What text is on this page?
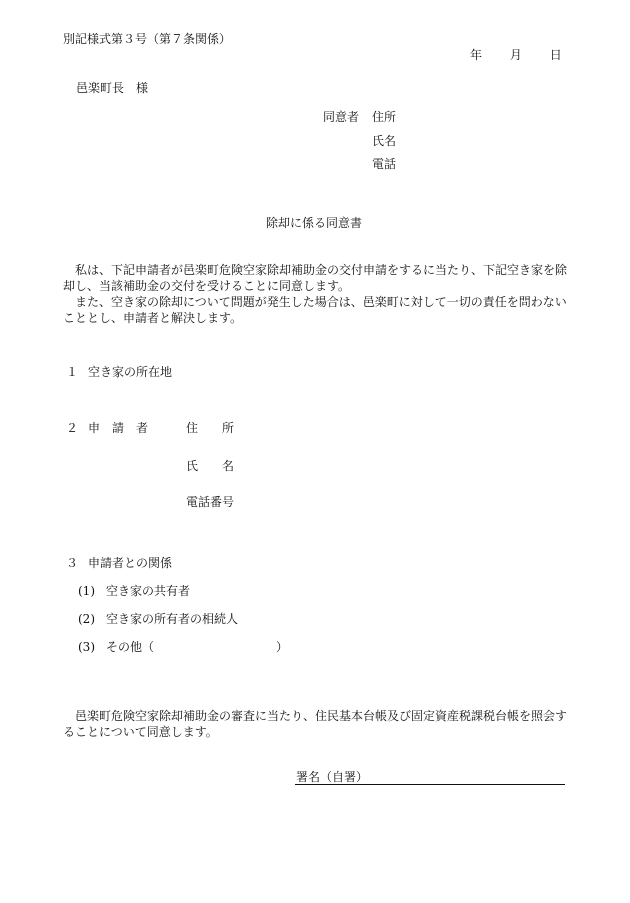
別記様式第３号（第７条関係）
年 月 日
邑楽町長　様
同意者 住所
氏名
電話
除却に係る同意書

私は、下記申請者が邑楽町危険空家除却補助金の交付申請をするに当たり、下記空き家を除却し、当該補助金の交付を受けることに同意します。

また、空き家の除却について問題が発生した場合は、邑楽町に対して一切の責任を問わないこととし、申請者と解決します。

１ 空き家の所在地
２ 申　請　者	住　　所
氏　　名
電話番号
３ 申請者との関係
(1) 空き家の共有者
(2) 空き家の所有者の相続人
(3) その他（	）

邑楽町危険空家除却補助金の審査に当たり、住民基本台帳及び固定資産税課税台帳を照会することについて同意します。

署名（自署）
